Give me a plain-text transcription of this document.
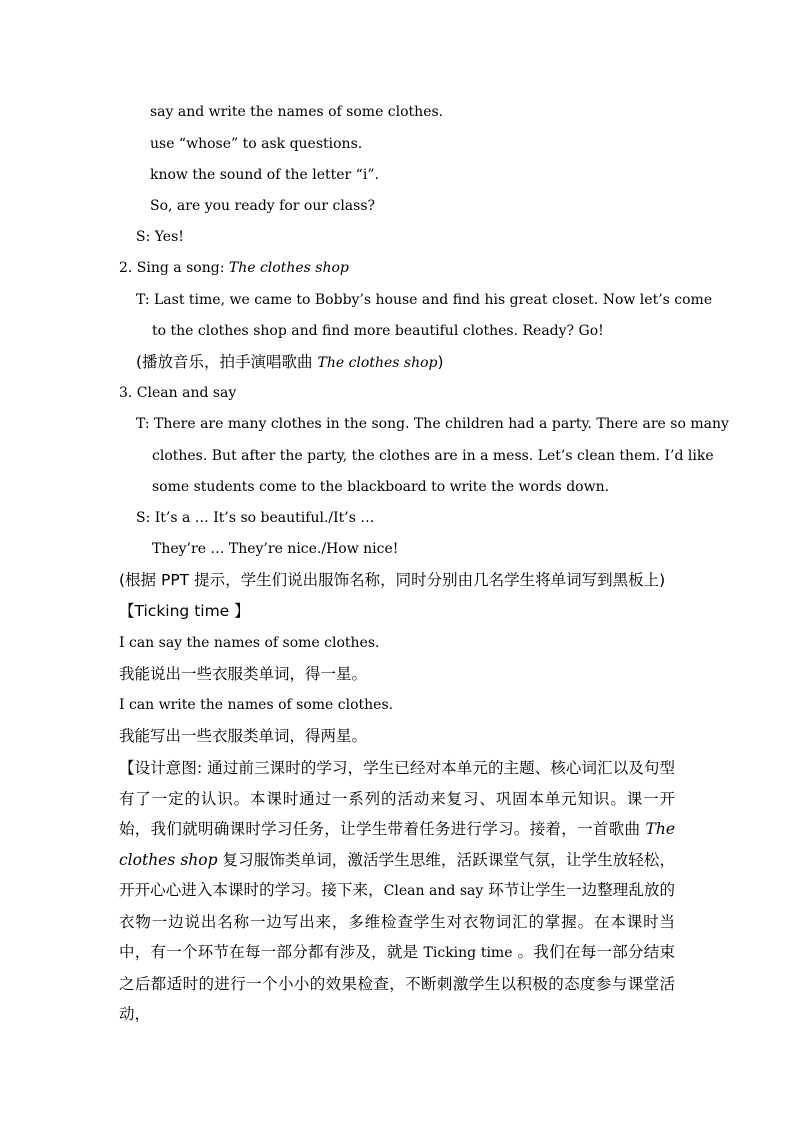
say and write the names of some clothes.
use “whose” to ask questions.
know the sound of the letter “i”.
So, are you ready for our class?
S: Yes!
2. Sing a song: The clothes shop
T: Last time, we came to Bobby’s house and find his great closet. Now let’s come
to the clothes shop and find more beautiful clothes. Ready? Go!
(播放音乐，拍手演唱歌曲 The clothes shop)
3. Clean and say
T: There are many clothes in the song. The children had a party. There are so many
clothes. But after the party, the clothes are in a mess. Let’s clean them. I’d like
some students come to the blackboard to write the words down.
S: It’s a … It’s so beautiful./It’s …
They’re … They’re nice./How nice!
(根据 PPT 提示，学生们说出服饰名称，同时分别由几名学生将单词写到黑板上)
【Ticking time 】
I can say the names of some clothes.
我能说出一些衣服类单词，得一星。
I can write the names of some clothes.
我能写出一些衣服类单词，得两星。
【设计意图: 通过前三课时的学习，学生已经对本单元的主题、核心词汇以及句型有了一定的认识。本课时通过一系列的活动来复习、巩固本单元知识。课一开始，我们就明确课时学习任务，让学生带着任务进行学习。接着，一首歌曲 The clothes shop 复习服饰类单词，激活学生思维，活跃课堂气氛，让学生放轻松，开开心心进入本课时的学习。接下来，Clean and say 环节让学生一边整理乱放的衣物一边说出名称一边写出来，多维检查学生对衣物词汇的掌握。在本课时当中，有一个环节在每一部分都有涉及，就是 Ticking time 。我们在每一部分结束之后都适时的进行一个小小的效果检查，不断刺激学生以积极的态度参与课堂活动，
